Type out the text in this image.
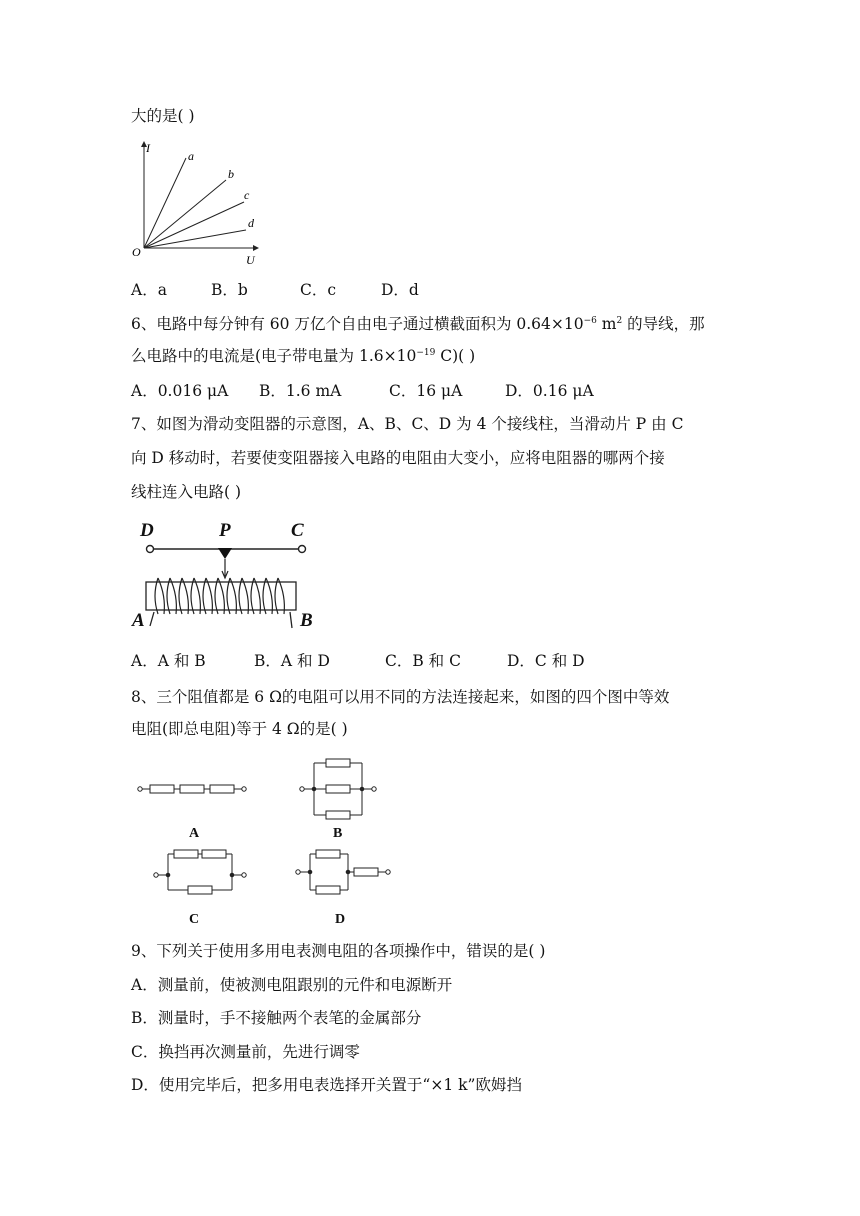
大的是( )
I
U
O
a
b
c
d
A．a	B．b	C．c	D．d
6、电路中每分钟有 60 万亿个自由电子通过横截面积为 $0.64\times 10^{-6}$ $m^2$ 的导线，那
么电路中的电流是(电子带电量为 $1.6\times 10^{-19}$ C)( )
A．0.016 μA B．1.6 mA	C．16 μA	D．0.16 μA
7、如图为滑动变阻器的示意图，A、B、C、D 为 4 个接线柱，当滑动片 P 由 C
向 D 移动时，若要使变阻器接入电路的电阻由大变小，应将电阻器的哪两个接
线柱连入电路( )
D	P	C
A	B
A．A 和 B	B．A 和 D	C．B 和 C	D．C 和 D
8、三个阻值都是 6 Ω的电阻可以用不同的方法连接起来，如图的四个图中等效
电阻(即总电阻)等于 4 Ω的是( )
A	B
C	D
9、下列关于使用多用电表测电阻的各项操作中，错误的是( )
A．测量前，使被测电阻跟别的元件和电源断开
B．测量时，手不接触两个表笔的金属部分
C．换挡再次测量前，先进行调零
D．使用完毕后，把多用电表选择开关置于“×1 k”欧姆挡
